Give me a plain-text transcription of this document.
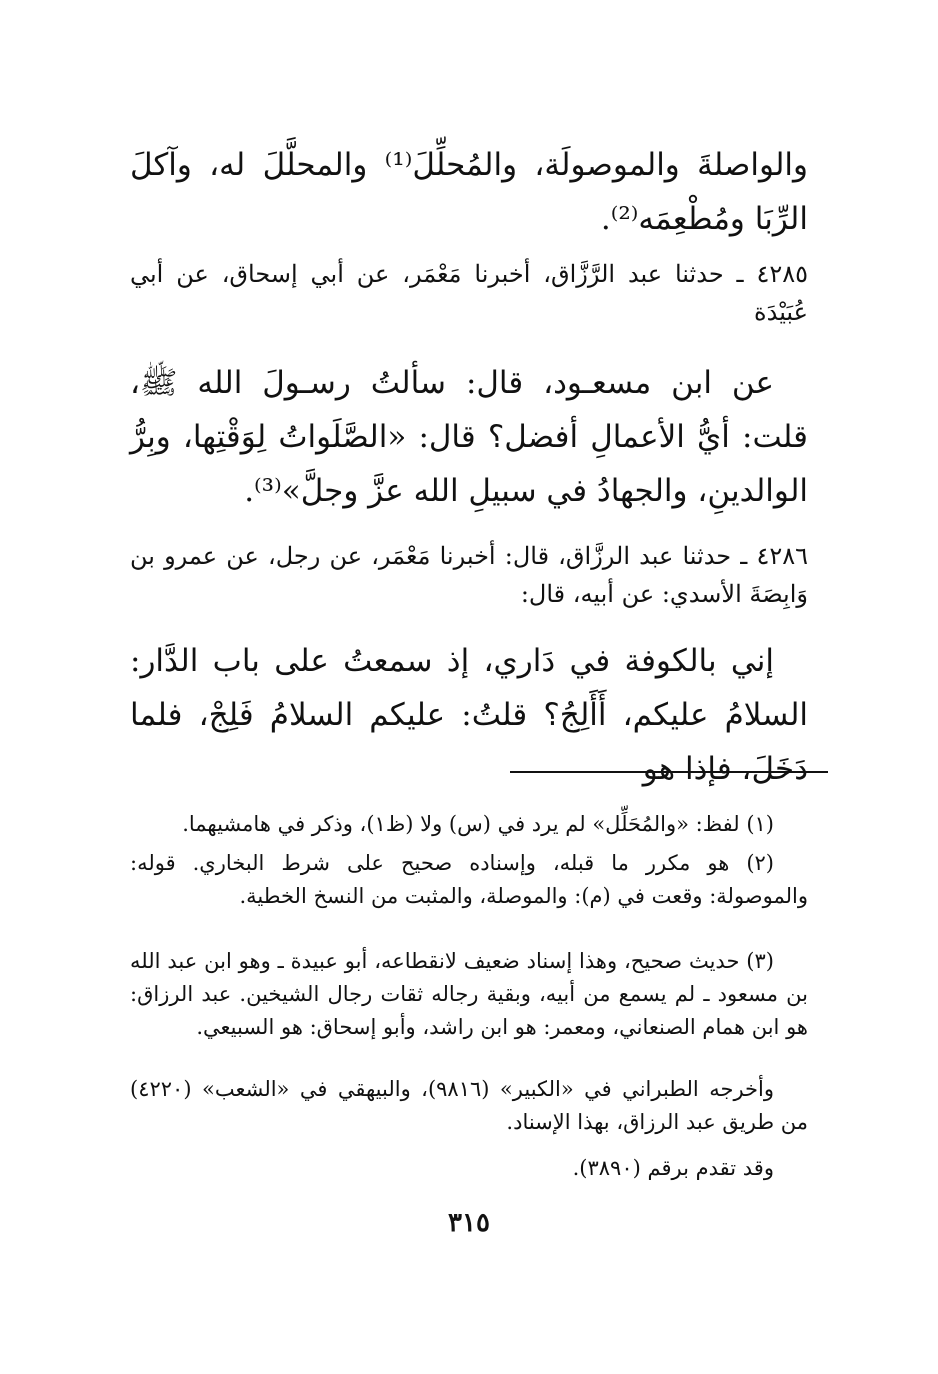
والواصلةَ والموصولَة، والمُحلِّلَ⁽¹⁾ والمحلَّلَ له، وآكلَ الرِّبَا ومُطْعِمَه⁽²⁾.

٤٢٨٥ ـ حدثنا عبد الرَّزَّاق، أخبرنا مَعْمَر، عن أبي إسحاق، عن أبي عُبَيْدَة

عن ابن مسعـود، قال: سألتُ رسـولَ الله ﷺ، قلت: أيُّ الأعمالِ أفضل؟ قال: «الصَّلَواتُ لِوَقْتِها، وبِرُّ الوالدينِ، والجهادُ في سبيلِ الله عزَّ وجلَّ»⁽³⁾.

٤٢٨٦ ـ حدثنا عبد الرزَّاق، قال: أخبرنا مَعْمَر، عن رجل، عن عمرو بن وَابِصَةَ الأسدي: عن أبيه، قال:

إني بالكوفة في دَاري، إذ سمعتُ على باب الدَّار: السلامُ عليكم، أَأَلِجُ؟ قلتُ: عليكم السلامُ فَلِجْ، فلما دَخَلَ، فإذا هو

(١) لفظ: «والمُحَلِّل» لم يرد في (س) ولا (ظ١)، وذكر في هامشيهما.

(٢) هو مكرر ما قبله، وإسناده صحيح على شرط البخاري. قوله: والموصولة: وقعت في (م): والموصلة، والمثبت من النسخ الخطية.

(٣) حديث صحيح، وهذا إسناد ضعيف لانقطاعه، أبو عبيدة ـ وهو ابن عبد الله بن مسعود ـ لم يسمع من أبيه، وبقية رجاله ثقات رجال الشيخين. عبد الرزاق: هو ابن همام الصنعاني، ومعمر: هو ابن راشد، وأبو إسحاق: هو السبيعي.

وأخرجه الطبراني في «الكبير» (٩٨١٦)، والبيهقي في «الشعب» (٤٢٢٠) من طريق عبد الرزاق، بهذا الإسناد.

وقد تقدم برقم (٣٨٩٠).

٣١٥
